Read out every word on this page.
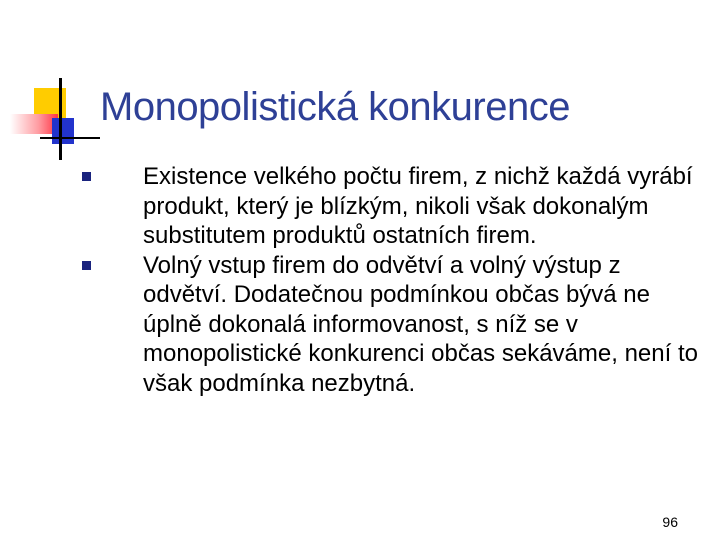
Monopolistická konkurence
Existence velkého počtu firem, z nichž každá vyrábí produkt, který je blízkým, nikoli však dokonalým substitutem produktů ostatních firem.
Volný vstup firem do odvětví a volný výstup z odvětví. Dodatečnou podmínkou občas bývá ne úplně dokonalá informovanost, s níž se v monopolistické konkurenci občas sekáváme, není to však podmínka nezbytná.
96
